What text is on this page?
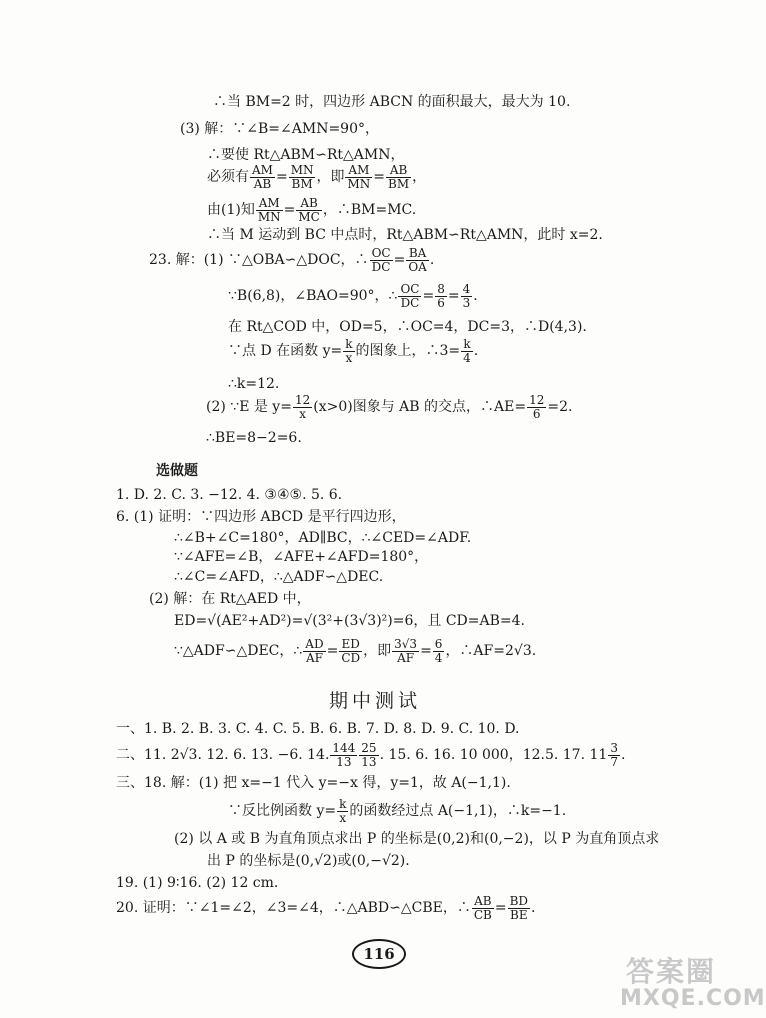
∴当 BM=2 时，四边形 ABCN 的面积最大，最大为 10.
(3) 解：∵∠B=∠AMN=90°，
∴要使 Rt△ABM∽Rt△AMN，
必须有 $\frac{AM}{AB} = \frac{MN}{BM}$ ，即 $\frac{AM}{MN} = \frac{AB}{BM}$ ，
由(1)知 $\frac{AM}{MN} = \frac{AB}{MC}$ ，∴BM=MC.
∴当 M 运动到 BC 中点时，Rt△ABM∽Rt△AMN，此时 x=2.
23. 解：(1) ∵△OBA∽△DOC，∴ $\frac{OC}{DC} = \frac{BA}{OA}$ .
∵B(6,8)，∠BAO=90°，∴ $\frac{OC}{DC} = \frac{8}{6} = \frac{4}{3}$ .
在 Rt△COD 中，OD=5，∴OC=4，DC=3，∴D(4,3).
∵点 D 在函数 $y= \frac{k}{x}$ 的图象上，∴3= $\frac{k}{4}$ .
∴k=12.
(2) ∵E 是 $y= \frac{12}{x} (x>0)$图象与 AB 的交点，∴AE= $\frac{12}{6} =2$.
∴BE=8−2=6.
选做题
1. D. 2. C. 3. −12. 4. ③④⑤. 5. 6.
6. (1) 证明：∵四边形 ABCD 是平行四边形，
∴∠B+∠C=180°，AD∥BC，∴∠CED=∠ADF.
∵∠AFE=∠B，∠AFE+∠AFD=180°，
∴∠C=∠AFD，∴△ADF∽△DEC.
(2) 解：在 Rt△AED 中，
ED=√(AE²+AD²)=√(3²+(3√3)²)=6，且 CD=AB=4.
∵△ADF∽△DEC，∴ $\frac{AD}{AF} = \frac{ED}{CD}$ ，即 $\frac{3√3}{AF} = \frac{6}{4}$ ，∴AF=2√3.
期中测试
一、1. B. 2. B. 3. C. 4. C. 5. B. 6. B. 7. D. 8. D. 9. C. 10. D.
二、11. 2√3. 12. 6. 13. −6. 14. $\frac{144}{13} \frac{25}{13}$ . 15. 6. 16. 10 000，12.5. 17. $11 \frac{3}{7}$ .
三、18. 解：(1) 把 x=−1 代入 y=−x 得，y=1，故 A(−1,1).
∵反比例函数 $y= \frac{k}{x}$ 的函数经过点 A(−1,1)，∴k=−1.
(2) 以 A 或 B 为直角顶点求出 P 的坐标是(0,2)和(0,−2)，以 P 为直角顶点求
出 P 的坐标是(0,√2)或(0,−√2).
19. (1) 9∶16. (2) 12 cm.
20. 证明：∵∠1=∠2，∠3=∠4，∴△ABD∽△CBE，∴ $\frac{AB}{CB} = \frac{BD}{BE}$ .
116
答案圈
MXQE.COM
